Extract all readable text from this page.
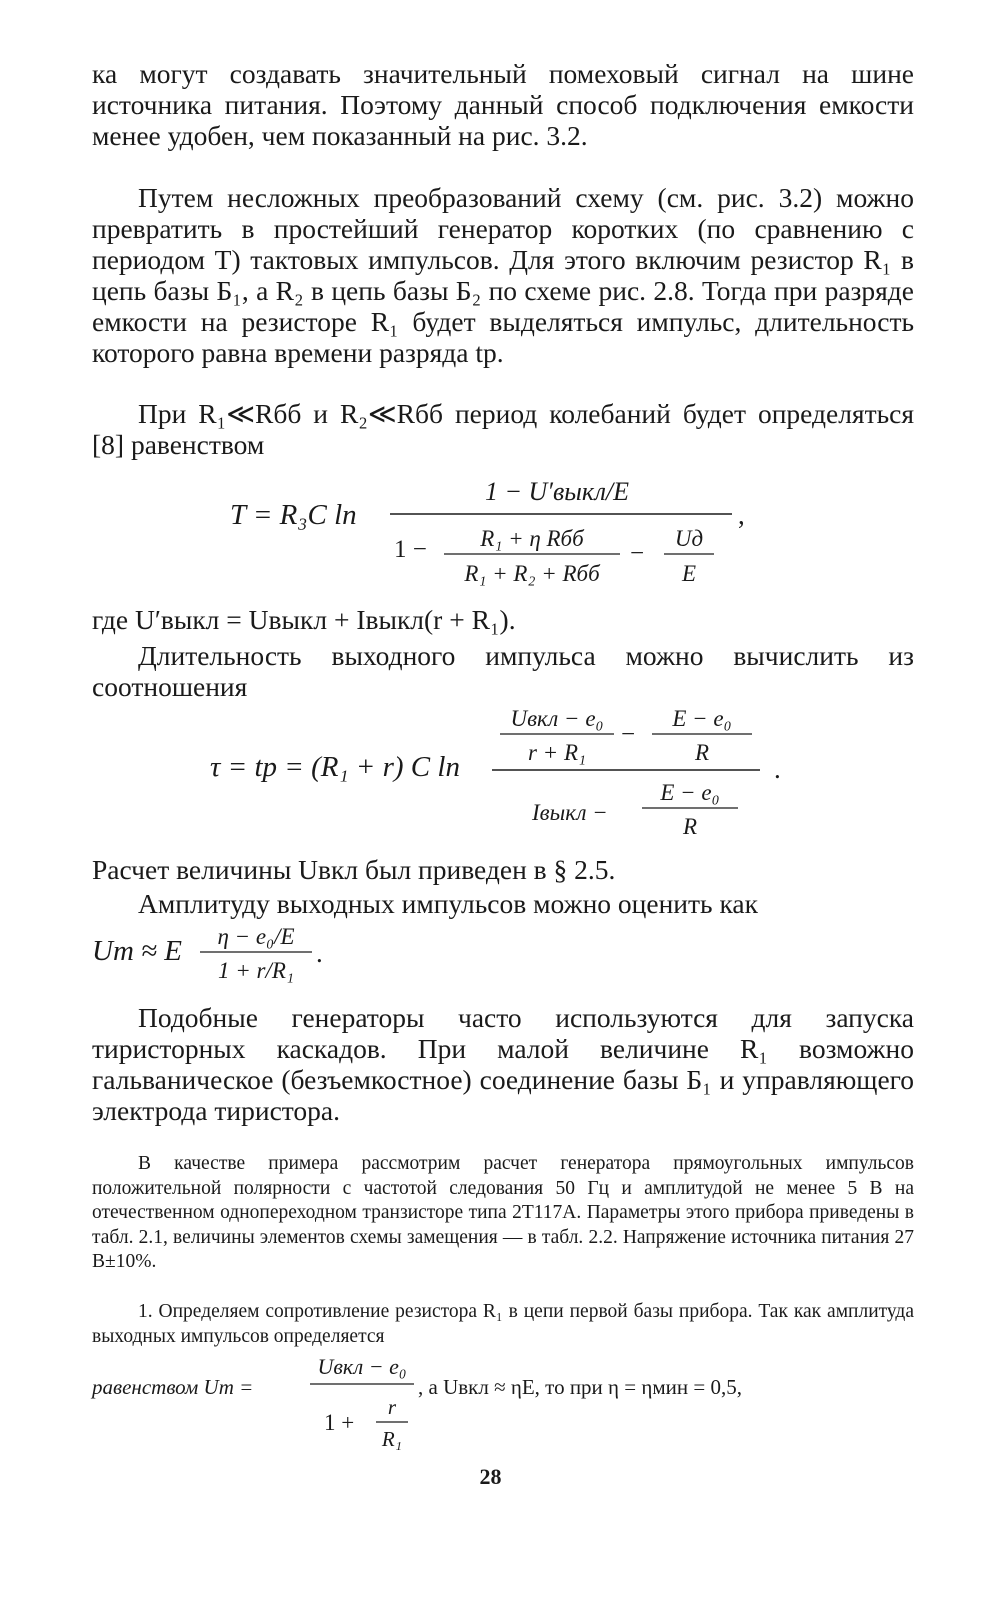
ка могут создавать значительный помеховый сигнал на шине источника питания. Поэтому данный способ подключения емкости менее удобен, чем показанный на рис. 3.2.
Путем несложных преобразований схему (см. рис. 3.2) можно превратить в простейший генератор коротких (по сравнению с периодом T) тактовых импульсов. Для этого включим резистор R₁ в цепь базы Б₁, а R₂ в цепь базы Б₂ по схеме рис. 2.8. Тогда при разряде емкости на резисторе R₁ будет выделяться импульс, длительность которого равна времени разряда tр.
При R₁≪Rбб и R₂≪Rбб период колебаний будет определяться [8] равенством
T = R₃C ln
1 − U′выкл/E
1 − R₁ + η Rбб
R₁ + R₂ + Rбб
−
Uд
E
,
где U′выкл = Uвыкл + Iвыкл(r + R₁).
Длительность выходного импульса можно вычислить из соотношения
τ = tр = (R₁ + r) C ln
Uвкл − e₀
r + R₁
−
E − e₀
R
Iвыкл −
E − e₀
R
.
Расчет величины Uвкл был приведен в § 2.5.
Амплитуду выходных импульсов можно оценить как
Um ≈ E η − e₀/E
1 + r/R₁
.
Подобные генераторы часто используются для запуска тиристорных каскадов. При малой величине R₁ возможно гальваническое (безъемкостное) соединение базы Б₁ и управляющего электрода тиристора.
В качестве примера рассмотрим расчет генератора прямоугольных импульсов положительной полярности с частотой следования 50 Гц и амплитудой не менее 5 В на отечественном однопереходном транзисторе типа 2Т117А. Параметры этого прибора приведены в табл. 2.1, величины элементов схемы замещения — в табл. 2.2. Напряжение источника питания 27 В±10%.
1. Определяем сопротивление резистора R₁ в цепи первой базы прибора. Так как амплитуда выходных импульсов определяется
равенством Um =
Uвкл − e₀
1 +
r
R₁
, а Uвкл ≈ ηE, то при η = ηмин = 0,5,
28
